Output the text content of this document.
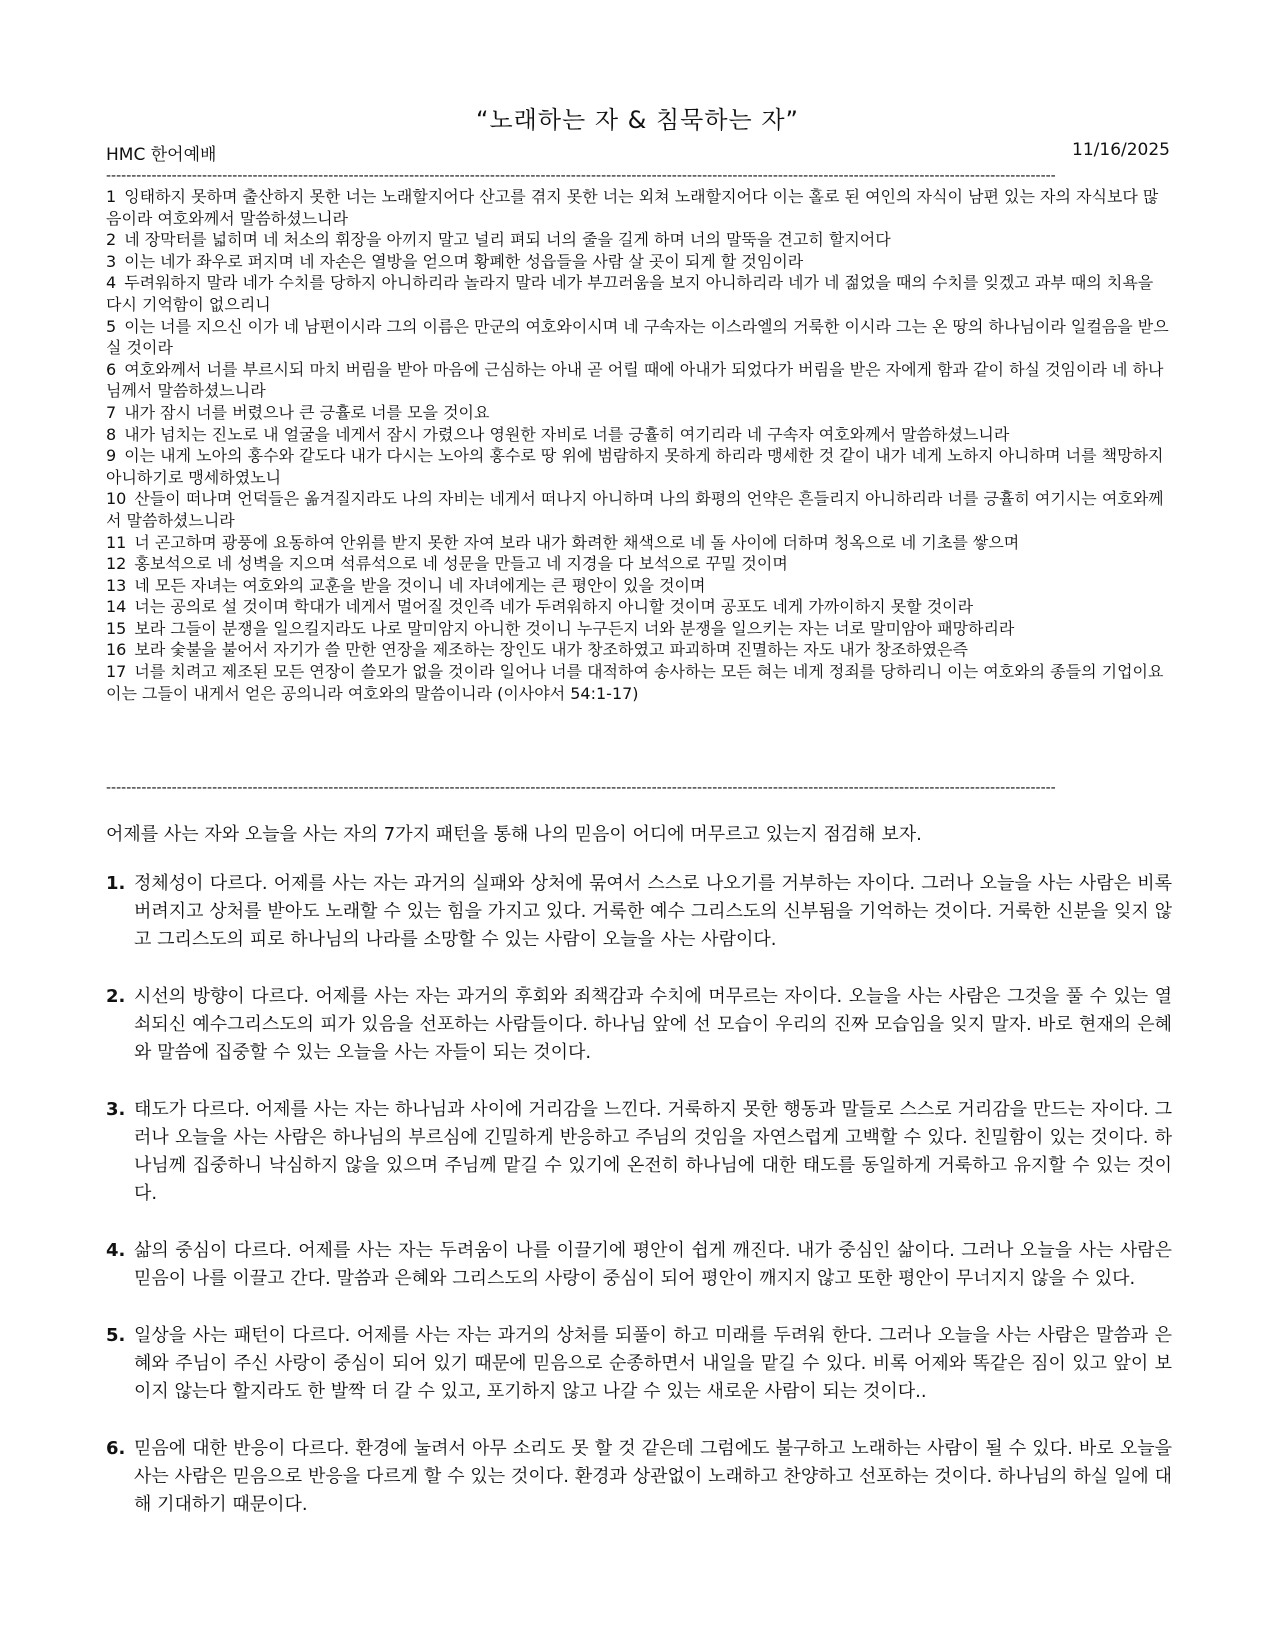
“노래하는 자 & 침묵하는 자”
HMC 한어예배	11/16/2025
--------------------------------------------------------------------------------------------------------------------------------------------------------------------------------------------

1 잉태하지 못하며 출산하지 못한 너는 노래할지어다 산고를 겪지 못한 너는 외쳐 노래할지어다 이는 홀로 된 여인의 자식이 남편 있는 자의 자식보다 많음이라 여호와께서 말씀하셨느니라

2 네 장막터를 넓히며 네 처소의 휘장을 아끼지 말고 널리 펴되 너의 줄을 길게 하며 너의 말뚝을 견고히 할지어다

3 이는 네가 좌우로 퍼지며 네 자손은 열방을 얻으며 황폐한 성읍들을 사람 살 곳이 되게 할 것임이라

4 두려워하지 말라 네가 수치를 당하지 아니하리라 놀라지 말라 네가 부끄러움을 보지 아니하리라 네가 네 젊었을 때의 수치를 잊겠고 과부 때의 치욕을 다시 기억함이 없으리니

5 이는 너를 지으신 이가 네 남편이시라 그의 이름은 만군의 여호와이시며 네 구속자는 이스라엘의 거룩한 이시라 그는 온 땅의 하나님이라 일컬음을 받으실 것이라

6 여호와께서 너를 부르시되 마치 버림을 받아 마음에 근심하는 아내 곧 어릴 때에 아내가 되었다가 버림을 받은 자에게 함과 같이 하실 것임이라 네 하나님께서 말씀하셨느니라

7 내가 잠시 너를 버렸으나 큰 긍휼로 너를 모을 것이요

8 내가 넘치는 진노로 내 얼굴을 네게서 잠시 가렸으나 영원한 자비로 너를 긍휼히 여기리라 네 구속자 여호와께서 말씀하셨느니라

9 이는 내게 노아의 홍수와 같도다 내가 다시는 노아의 홍수로 땅 위에 범람하지 못하게 하리라 맹세한 것 같이 내가 네게 노하지 아니하며 너를 책망하지 아니하기로 맹세하였노니

10 산들이 떠나며 언덕들은 옮겨질지라도 나의 자비는 네게서 떠나지 아니하며 나의 화평의 언약은 흔들리지 아니하리라 너를 긍휼히 여기시는 여호와께서 말씀하셨느니라

11 너 곤고하며 광풍에 요동하여 안위를 받지 못한 자여 보라 내가 화려한 채색으로 네 돌 사이에 더하며 청옥으로 네 기초를 쌓으며

12 홍보석으로 네 성벽을 지으며 석류석으로 네 성문을 만들고 네 지경을 다 보석으로 꾸밀 것이며

13 네 모든 자녀는 여호와의 교훈을 받을 것이니 네 자녀에게는 큰 평안이 있을 것이며

14 너는 공의로 설 것이며 학대가 네게서 멀어질 것인즉 네가 두려워하지 아니할 것이며 공포도 네게 가까이하지 못할 것이라

15 보라 그들이 분쟁을 일으킬지라도 나로 말미암지 아니한 것이니 누구든지 너와 분쟁을 일으키는 자는 너로 말미암아 패망하리라

16 보라 숯불을 불어서 자기가 쓸 만한 연장을 제조하는 장인도 내가 창조하였고 파괴하며 진멸하는 자도 내가 창조하였은즉

17 너를 치려고 제조된 모든 연장이 쓸모가 없을 것이라 일어나 너를 대적하여 송사하는 모든 혀는 네게 정죄를 당하리니 이는 여호와의 종들의 기업이요 이는 그들이 내게서 얻은 공의니라 여호와의 말씀이니라 (이사야서 54:1-17)

--------------------------------------------------------------------------------------------------------------------------------------------------------------------------------------------
어제를 사는 자와 오늘을 사는 자의 7가지 패턴을 통해 나의 믿음이 어디에 머무르고 있는지 점검해 보자.
1. 정체성이 다르다. 어제를 사는 자는 과거의 실패와 상처에 묶여서 스스로 나오기를 거부하는 자이다. 그러나 오늘을 사는 사람은 비록 버려지고 상처를 받아도 노래할 수 있는 힘을 가지고 있다. 거룩한 예수 그리스도의 신부됨을 기억하는 것이다. 거룩한 신분을 잊지 않고 그리스도의 피로 하나님의 나라를 소망할 수 있는 사람이 오늘을 사는 사람이다.
2. 시선의 방향이 다르다. 어제를 사는 자는 과거의 후회와 죄책감과 수치에 머무르는 자이다. 오늘을 사는 사람은 그것을 풀 수 있는 열쇠되신 예수그리스도의 피가 있음을 선포하는 사람들이다. 하나님 앞에 선 모습이 우리의 진짜 모습임을 잊지 말자. 바로 현재의 은혜와 말씀에 집중할 수 있는 오늘을 사는 자들이 되는 것이다.
3. 태도가 다르다. 어제를 사는 자는 하나님과 사이에 거리감을 느낀다. 거룩하지 못한 행동과 말들로 스스로 거리감을 만드는 자이다. 그러나 오늘을 사는 사람은 하나님의 부르심에 긴밀하게 반응하고 주님의 것임을 자연스럽게 고백할 수 있다. 친밀함이 있는 것이다. 하나님께 집중하니 낙심하지 않을 있으며 주님께 맡길 수 있기에 온전히 하나님에 대한 태도를 동일하게 거룩하고 유지할 수 있는 것이다.
4. 삶의 중심이 다르다. 어제를 사는 자는 두려움이 나를 이끌기에 평안이 쉽게 깨진다. 내가 중심인 삶이다. 그러나 오늘을 사는 사람은 믿음이 나를 이끌고 간다. 말씀과 은혜와 그리스도의 사랑이 중심이 되어 평안이 깨지지 않고 또한 평안이 무너지지 않을 수 있다.
5. 일상을 사는 패턴이 다르다. 어제를 사는 자는 과거의 상처를 되풀이 하고 미래를 두려워 한다. 그러나 오늘을 사는 사람은 말씀과 은혜와 주님이 주신 사랑이 중심이 되어 있기 때문에 믿음으로 순종하면서 내일을 맡길 수 있다. 비록 어제와 똑같은 짐이 있고 앞이 보이지 않는다 할지라도 한 발짝 더 갈 수 있고, 포기하지 않고 나갈 수 있는 새로운 사람이 되는 것이다..
6. 믿음에 대한 반응이 다르다. 환경에 눌려서 아무 소리도 못 할 것 같은데 그럼에도 불구하고 노래하는 사람이 될 수 있다. 바로 오늘을 사는 사람은 믿음으로 반응을 다르게 할 수 있는 것이다. 환경과 상관없이 노래하고 찬양하고 선포하는 것이다. 하나님의 하실 일에 대해 기대하기 때문이다.
